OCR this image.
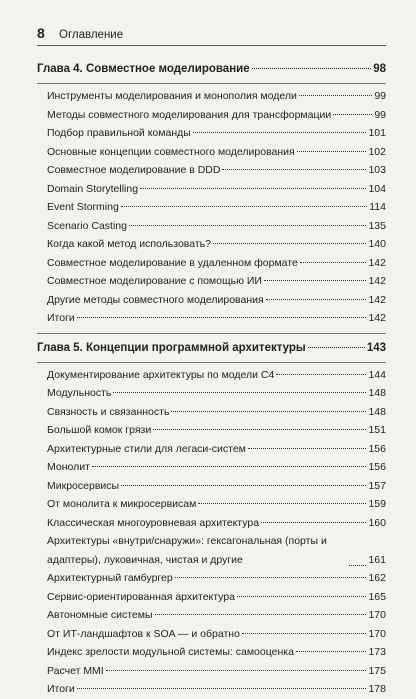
8	Оглавление
Глава 4. Совместное моделирование	98
Инструменты моделирования и монополия модели	99
Методы совместного моделирования для трансформации	99
Подбор правильной команды	101
Основные концепции совместного моделирования	102
Совместное моделирование в DDD	103
Domain Storytelling	104
Event Storming	114
Scenario Casting	135
Когда какой метод использовать?	140
Совместное моделирование в удаленном формате	142
Совместное моделирование с помощью ИИ	142
Другие методы совместного моделирования	142
Итоги	142
Глава 5. Концепции программной архитектуры	143
Документирование архитектуры по модели C4	144
Модульность	148
Связность и связанность	148
Большой комок грязи	151
Архитектурные стили для легаси-систем	156
Монолит	156
Микросервисы	157
От монолита к микросервисам	159
Классическая многоуровневая архитектура	160
Архитектуры «внутри/снаружи»: гексагональная (порты и адаптеры), луковичная, чистая и другие	161
Архитектурный гамбургер	162
Сервис-ориентированная архитектура	165
Автономные системы	170
От ИТ-ландшафтов к SOA — и обратно	170
Индекс зрелости модульной системы: самооценка	173
Расчет MMI	175
Итоги	178
